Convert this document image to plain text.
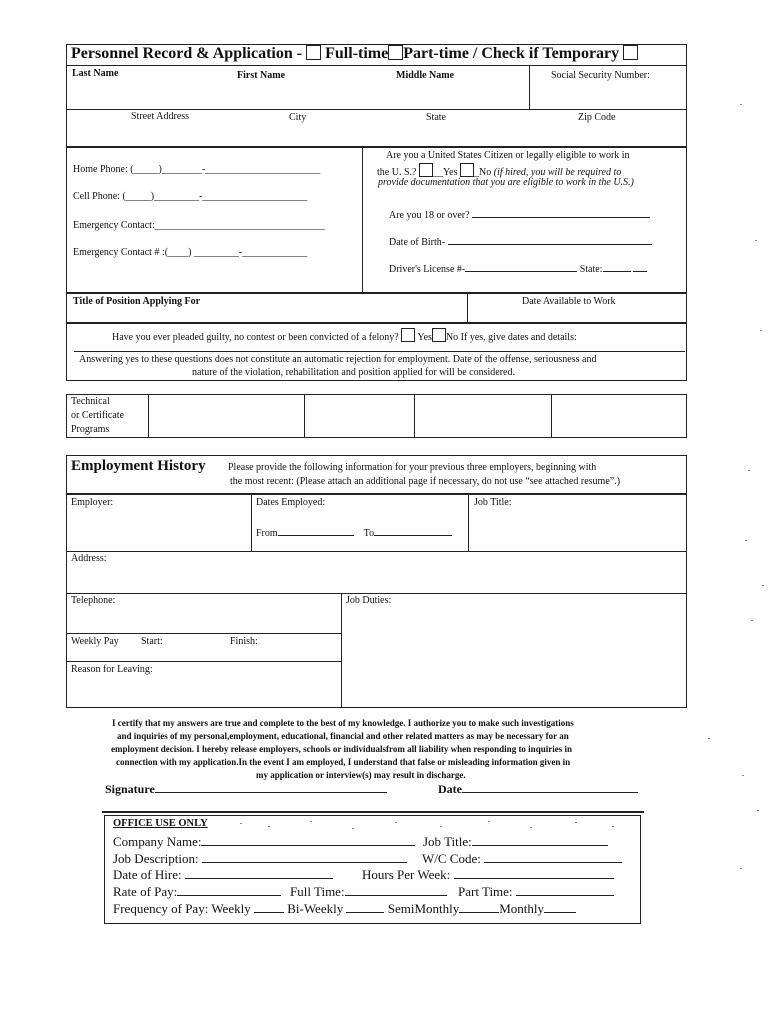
Personnel Record & Application - Full-time Part-time / Check if Temporary
Last Name	First Name	Middle Name	Social Security Number:
Street Address	City	State	Zip Code
Home Phone: (_____)________-_______________________
Cell Phone: (_____)_________-_____________________
Emergency Contact:__________________________________
Emergency Contact # :(____) _________-_____________
Are you a United States Citizen or legally eligible to work in
the U. S.? __Yes _No (if hired, you will be required to
provide documentation that you are eligible to work in the U.S.)
Are you 18 or over?
Date of Birth-
Driver's License #-	State:
Title of Position Applying For	Date Available to Work
Have you ever pleaded guilty, no contest or been convicted of a felony? Yes No If yes, give dates and details:
Answering yes to these questions does not constitute an automatic rejection for employment. Date of the offense, seriousness and
nature of the violation, rehabilitation and position applied for will be considered.
Technical
or Certificate
Programs
Employment History Please provide the following information for your previous three employers, beginning with
the most recent: (Please attach an additional page if necessary, do not use “see attached resume”.)
Employer:	Dates Employed:	Job Title:
From	To
Address:
Telephone:	Job Duties:
Weekly Pay Start:	Finish:
Reason for Leaving:
I certify that my answers are true and complete to the best of my knowledge. I authorize you to make such investigations
and inquiries of my personal,employment, educational, financial and other related matters as may be necessary for an
employment decision. I hereby release employers, schools or individualsfrom all liability when responding to inquiries in
connection with my application.In the event I am employed, I understand that false or misleading information given in
my application or interview(s) may result in discharge.
Signature	Date
OFFICE USE ONLY
Company Name:	Job Title:
Job Description:	W/C Code:
Date of Hire:	Hours Per Week:
Rate of Pay:	Full Time:	Part Time:
Frequency of Pay: Weekly	Bi-Weekly	SemiMonthly	Monthly
